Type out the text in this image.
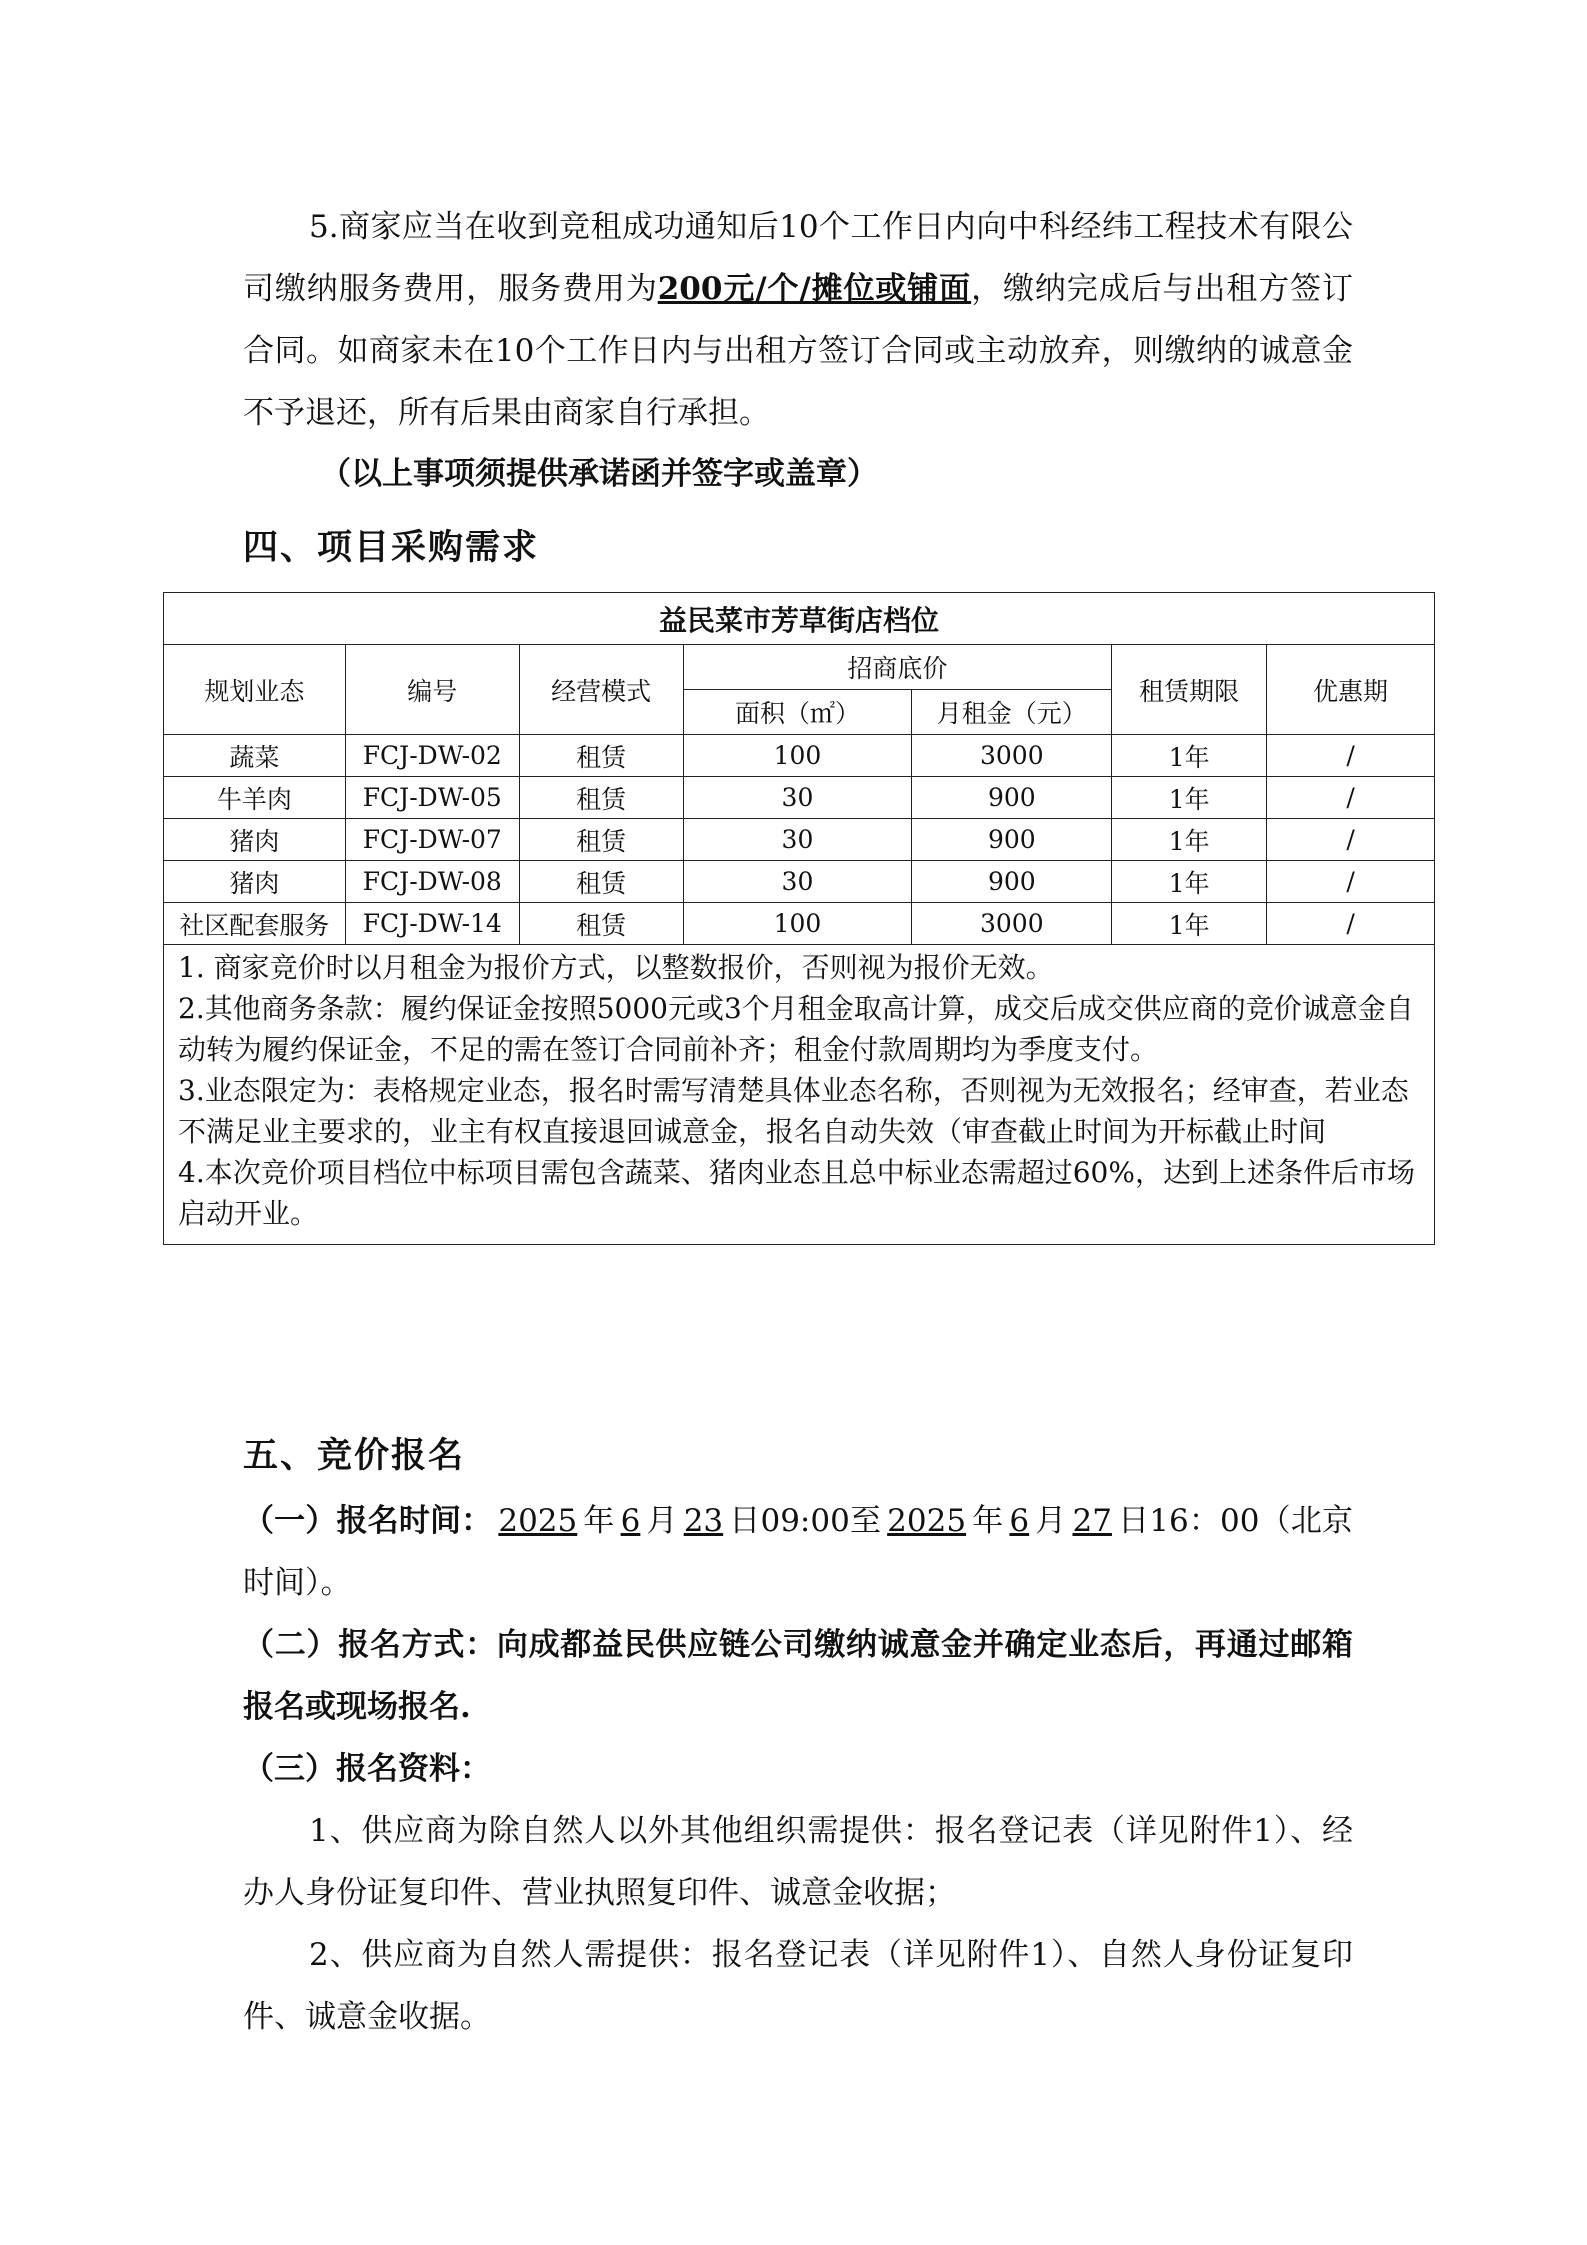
5.商家应当在收到竞租成功通知后10个工作日内向中科经纬工程技术有限公司缴纳服务费用，服务费用为200元/个/摊位或铺面，缴纳完成后与出租方签订合同。如商家未在10个工作日内与出租方签订合同或主动放弃，则缴纳的诚意金不予退还，所有后果由商家自行承担。
（以上事项须提供承诺函并签字或盖章）
四、项目采购需求
益民菜市芳草街店档位						
规划业态	编号	经营模式	招商底价		租赁期限	优惠期
			面积（㎡）	月租金（元）		
蔬菜	FCJ-DW-02	租赁	100	3000	1年	/
牛羊肉	FCJ-DW-05	租赁	30	900	1年	/
猪肉	FCJ-DW-07	租赁	30	900	1年	/
猪肉	FCJ-DW-08	租赁	30	900	1年	/
社区配套服务	FCJ-DW-14	租赁	100	3000	1年	/

1. 商家竞价时以月租金为报价方式，以整数报价，否则视为报价无效。
2.其他商务条款：履约保证金按照5000元或3个月租金取高计算，成交后成交供应商的竞价诚意金自动转为履约保证金，不足的需在签订合同前补齐；租金付款周期均为季度支付。
3.业态限定为：表格规定业态，报名时需写清楚具体业态名称，否则视为无效报名；经审查，若业态不满足业主要求的，业主有权直接退回诚意金，报名自动失效（审查截止时间为开标截止时间
4.本次竞价项目档位中标项目需包含蔬菜、猪肉业态且总中标业态需超过60%，达到上述条件后市场启动开业。						
五、竞价报名
（一）报名时间： 2025 年 6 月 23 日09:00至 2025 年 6 月 27 日16：00（北京时间）。
（二）报名方式：向成都益民供应链公司缴纳诚意金并确定业态后，再通过邮箱报名或现场报名.
（三）报名资料：
1、供应商为除自然人以外其他组织需提供：报名登记表（详见附件1）、经办人身份证复印件、营业执照复印件、诚意金收据；
2、供应商为自然人需提供：报名登记表（详见附件1）、自然人身份证复印件、诚意金收据。
